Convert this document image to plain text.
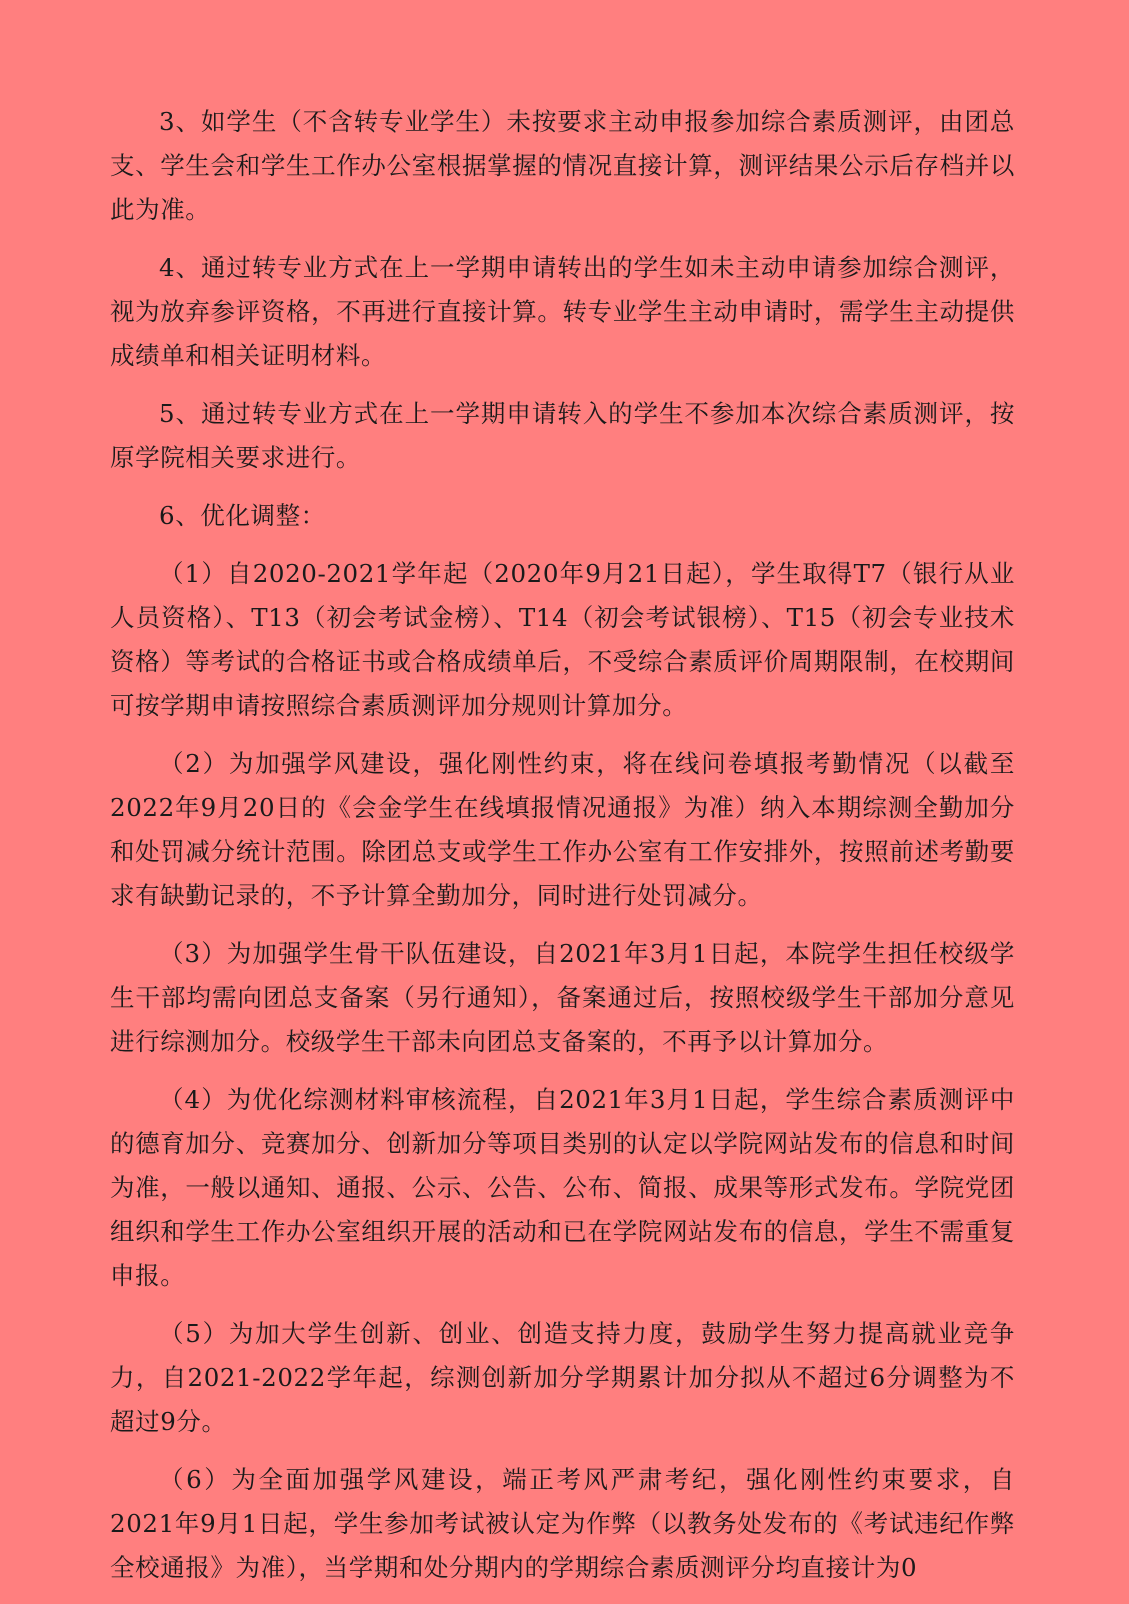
3、如学生（不含转专业学生）未按要求主动申报参加综合素质测评，由团总支、学生会和学生工作办公室根据掌握的情况直接计算，测评结果公示后存档并以此为准。

4、通过转专业方式在上一学期申请转出的学生如未主动申请参加综合测评，视为放弃参评资格，不再进行直接计算。转专业学生主动申请时，需学生主动提供成绩单和相关证明材料。

5、通过转专业方式在上一学期申请转入的学生不参加本次综合素质测评，按原学院相关要求进行。

6、优化调整：

（1）自2020-2021学年起（2020年9月21日起），学生取得T7（银行从业人员资格）、T13（初会考试金榜）、T14（初会考试银榜）、T15（初会专业技术资格）等考试的合格证书或合格成绩单后，不受综合素质评价周期限制，在校期间可按学期申请按照综合素质测评加分规则计算加分。

（2）为加强学风建设，强化刚性约束，将在线问卷填报考勤情况（以截至2022年9月20日的《会金学生在线填报情况通报》为准）纳入本期综测全勤加分和处罚减分统计范围。除团总支或学生工作办公室有工作安排外，按照前述考勤要求有缺勤记录的，不予计算全勤加分，同时进行处罚减分。

（3）为加强学生骨干队伍建设，自2021年3月1日起，本院学生担任校级学生干部均需向团总支备案（另行通知），备案通过后，按照校级学生干部加分意见进行综测加分。校级学生干部未向团总支备案的，不再予以计算加分。

（4）为优化综测材料审核流程，自2021年3月1日起，学生综合素质测评中的德育加分、竞赛加分、创新加分等项目类别的认定以学院网站发布的信息和时间为准，一般以通知、通报、公示、公告、公布、简报、成果等形式发布。学院党团组织和学生工作办公室组织开展的活动和已在学院网站发布的信息，学生不需重复申报。

（5）为加大学生创新、创业、创造支持力度，鼓励学生努力提高就业竞争力，自2021-2022学年起，综测创新加分学期累计加分拟从不超过6分调整为不超过9分。

（6）为全面加强学风建设，端正考风严肃考纪，强化刚性约束要求，自2021年9月1日起，学生参加考试被认定为作弊（以教务处发布的《考试违纪作弊全校通报》为准），当学期和处分期内的学期综合素质测评分均直接计为0
